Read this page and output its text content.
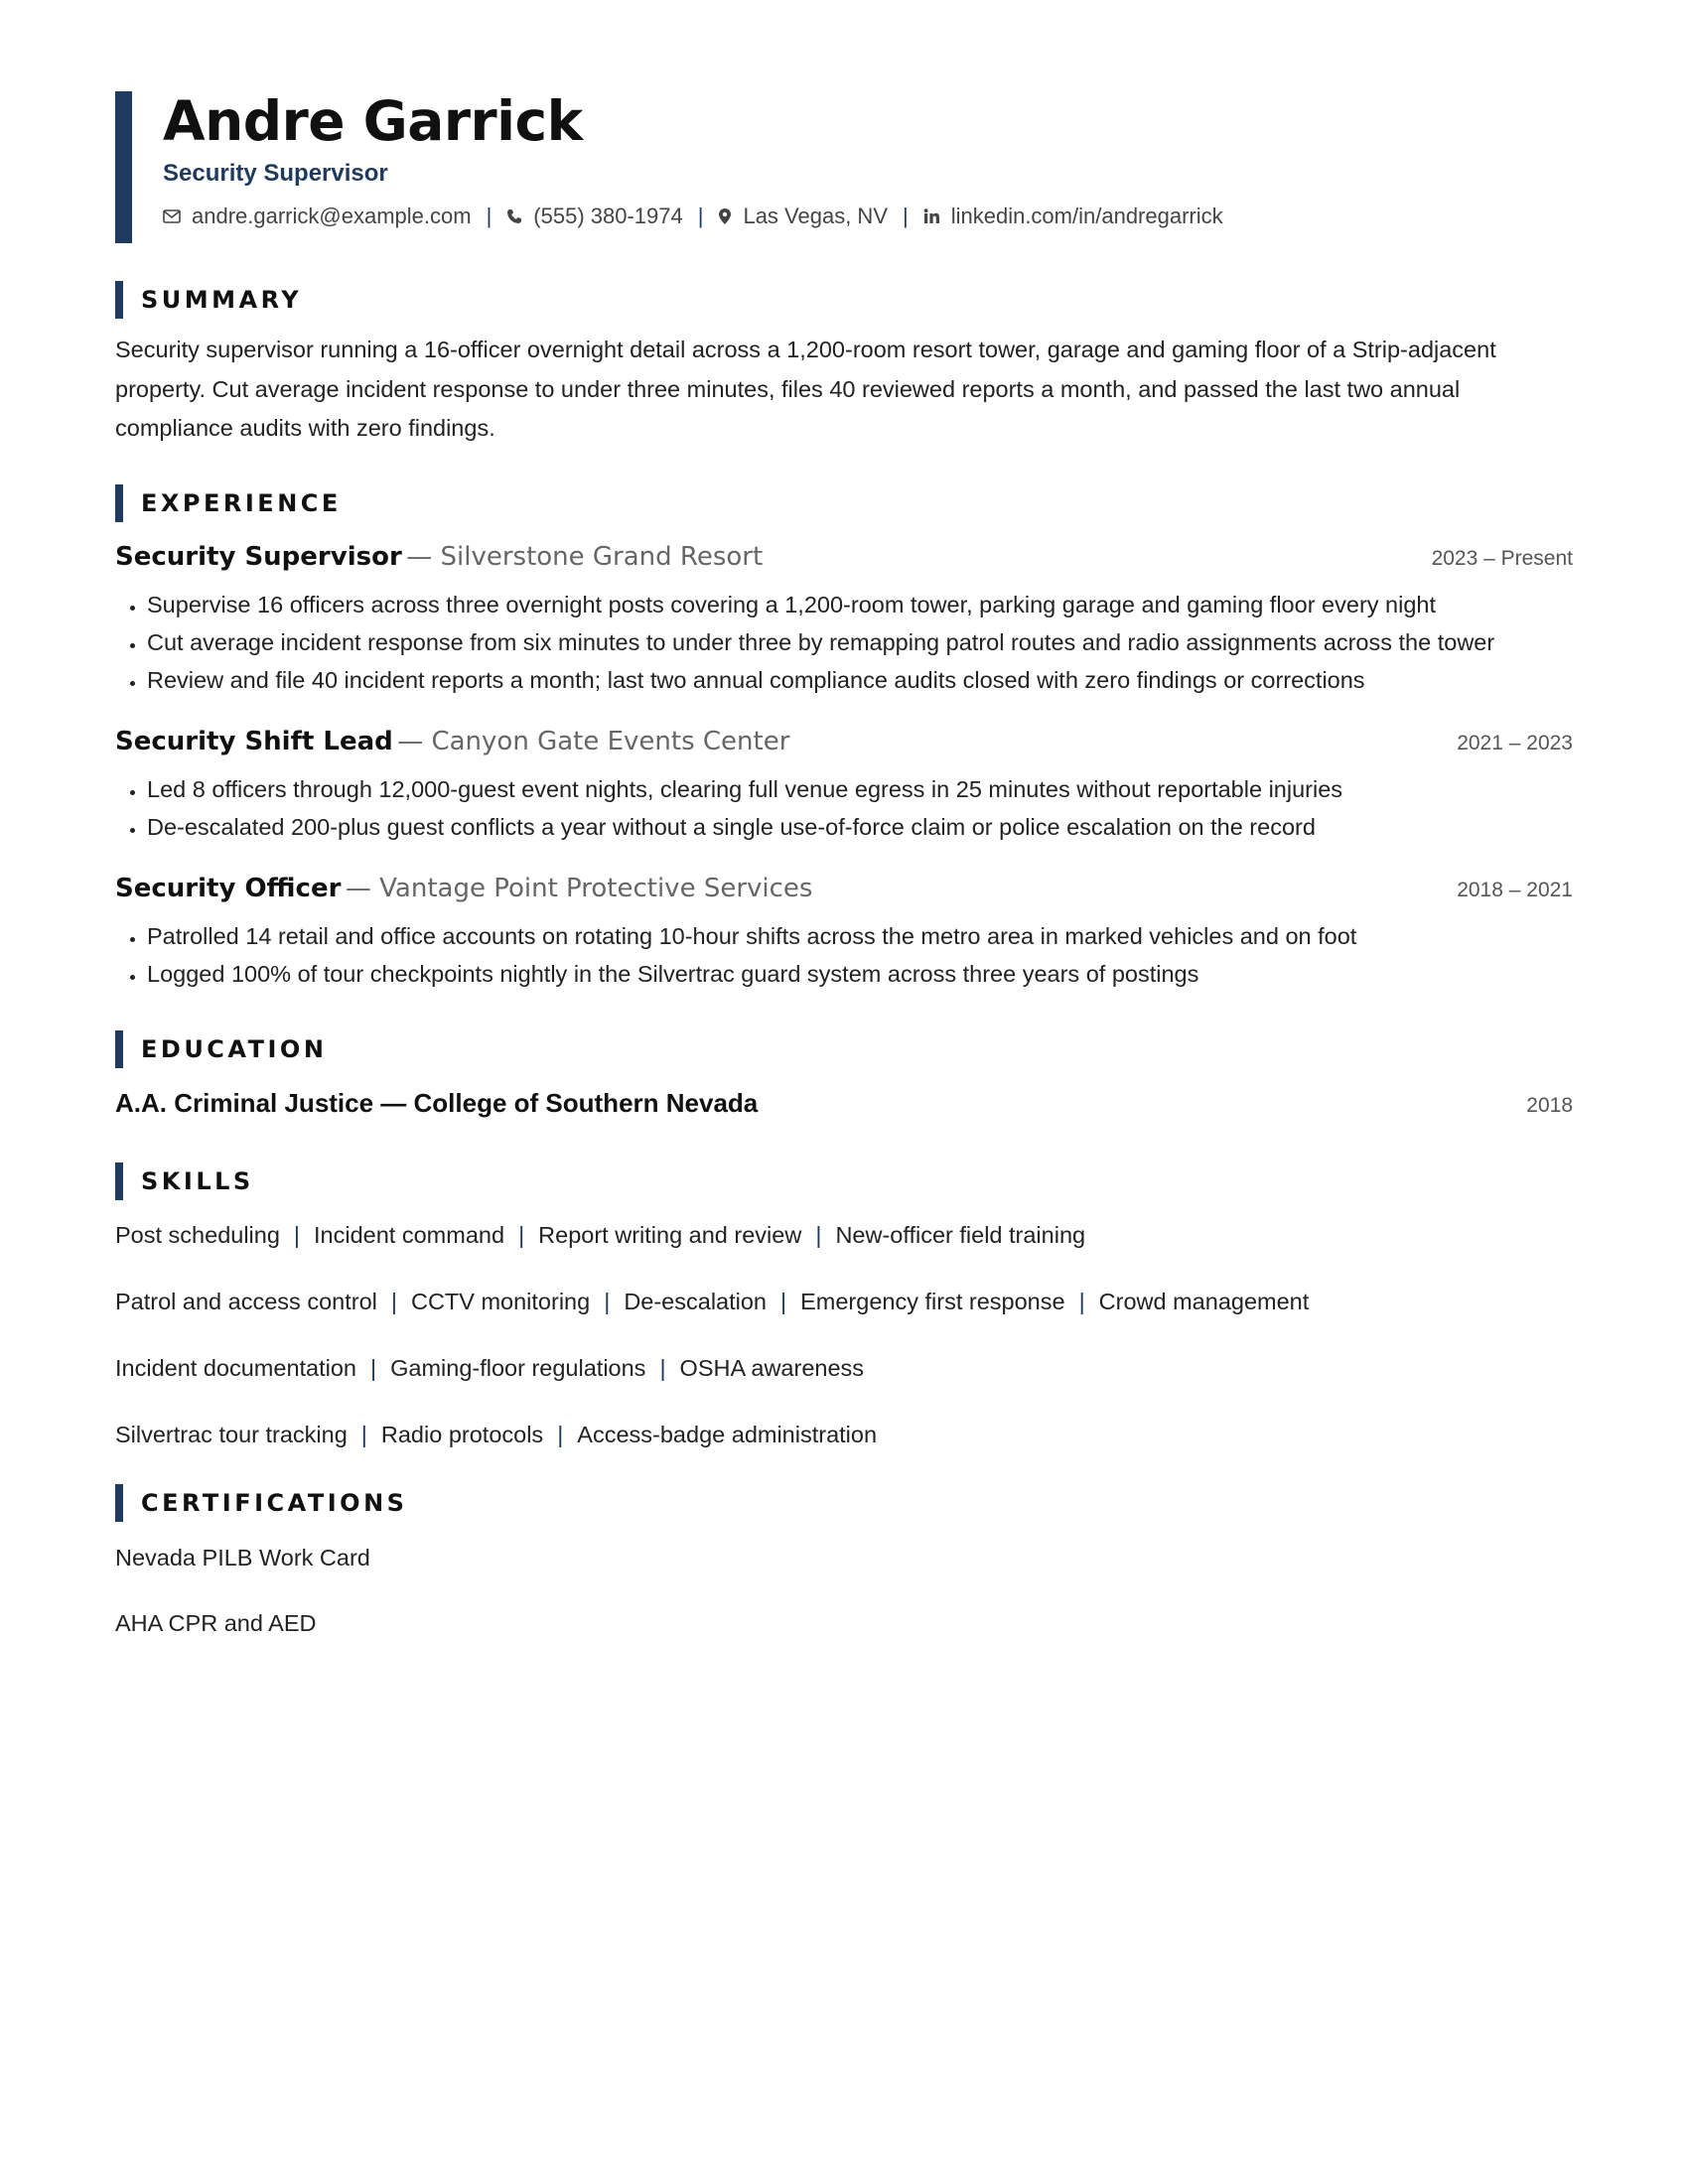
Andre Garrick
Security Supervisor
andre.garrick@example.com | (555) 380-1974 | Las Vegas, NV | linkedin.com/in/andregarrick
SUMMARY
Security supervisor running a 16-officer overnight detail across a 1,200-room resort tower, garage and gaming floor of a Strip-adjacent property. Cut average incident response to under three minutes, files 40 reviewed reports a month, and passed the last two annual compliance audits with zero findings.
EXPERIENCE
Security Supervisor — Silverstone Grand Resort	2023 – Present
• Supervise 16 officers across three overnight posts covering a 1,200-room tower, parking garage and gaming floor every night
• Cut average incident response from six minutes to under three by remapping patrol routes and radio assignments across the tower
• Review and file 40 incident reports a month; last two annual compliance audits closed with zero findings or corrections
Security Shift Lead — Canyon Gate Events Center	2021 – 2023
• Led 8 officers through 12,000-guest event nights, clearing full venue egress in 25 minutes without reportable injuries
• De-escalated 200-plus guest conflicts a year without a single use-of-force claim or police escalation on the record
Security Officer — Vantage Point Protective Services	2018 – 2021
• Patrolled 14 retail and office accounts on rotating 10-hour shifts across the metro area in marked vehicles and on foot
• Logged 100% of tour checkpoints nightly in the Silvertrac guard system across three years of postings
EDUCATION
A.A. Criminal Justice — College of Southern Nevada	2018
SKILLS
Post scheduling | Incident command | Report writing and review | New-officer field training
Patrol and access control | CCTV monitoring | De-escalation | Emergency first response | Crowd management
Incident documentation | Gaming-floor regulations | OSHA awareness
Silvertrac tour tracking | Radio protocols | Access-badge administration
CERTIFICATIONS
Nevada PILB Work Card
AHA CPR and AED
